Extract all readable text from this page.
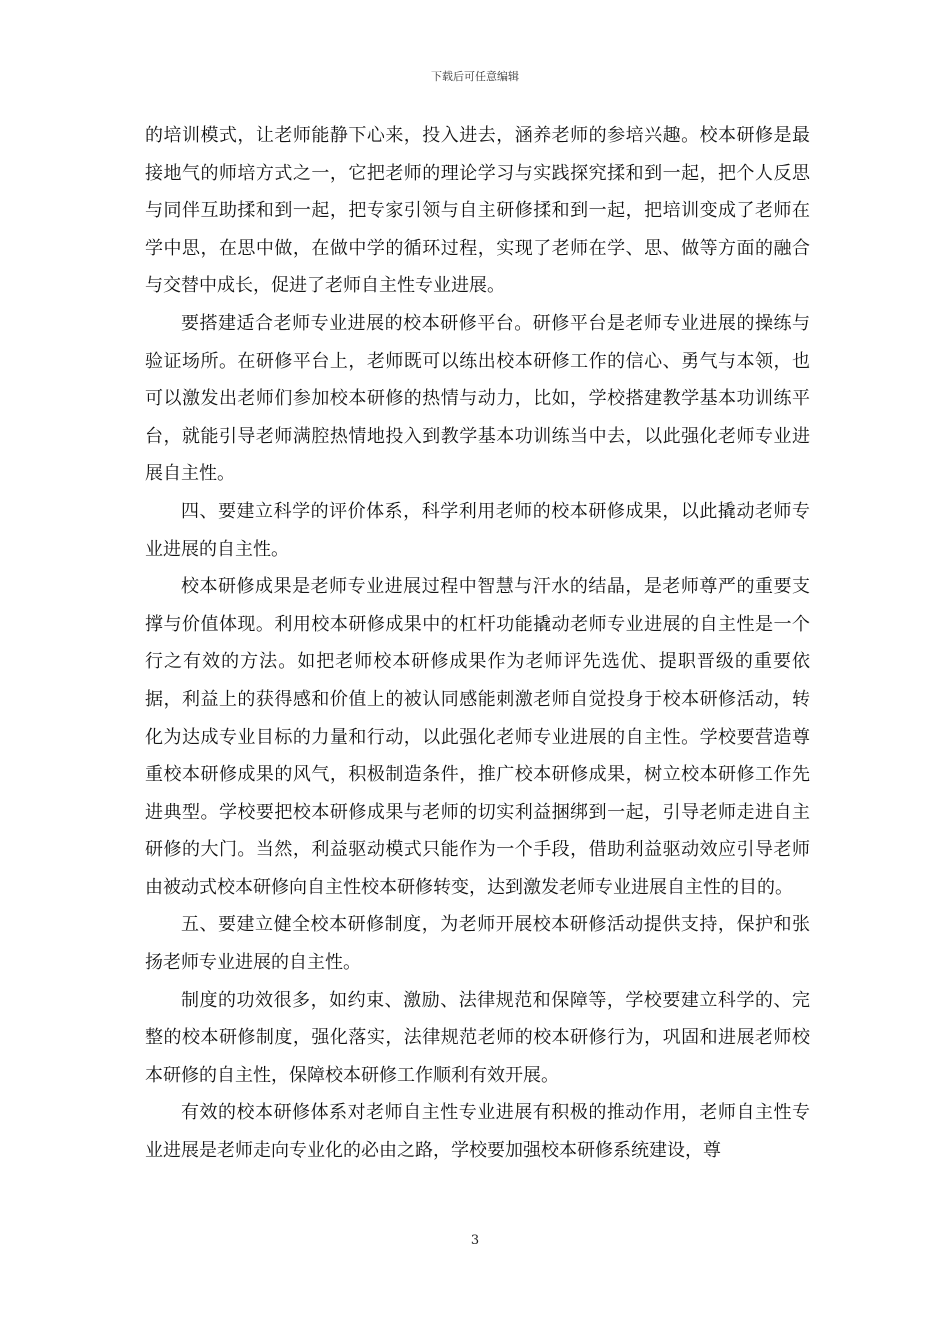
下载后可任意编辑

的培训模式，让老师能静下心来，投入进去，涵养老师的参培兴趣。校本研修是最接地气的师培方式之一，它把老师的理论学习与实践探究揉和到一起，把个人反思与同伴互助揉和到一起，把专家引领与自主研修揉和到一起，把培训变成了老师在学中思，在思中做，在做中学的循环过程，实现了老师在学、思、做等方面的融合与交替中成长，促进了老师自主性专业进展。

要搭建适合老师专业进展的校本研修平台。研修平台是老师专业进展的操练与验证场所。在研修平台上，老师既可以练出校本研修工作的信心、勇气与本领，也可以激发出老师们参加校本研修的热情与动力，比如，学校搭建教学基本功训练平台，就能引导老师满腔热情地投入到教学基本功训练当中去，以此强化老师专业进展自主性。

四、要建立科学的评价体系，科学利用老师的校本研修成果，以此撬动老师专业进展的自主性。

校本研修成果是老师专业进展过程中智慧与汗水的结晶，是老师尊严的重要支撑与价值体现。利用校本研修成果中的杠杆功能撬动老师专业进展的自主性是一个行之有效的方法。如把老师校本研修成果作为老师评先选优、提职晋级的重要依据，利益上的获得感和价值上的被认同感能刺激老师自觉投身于校本研修活动，转化为达成专业目标的力量和行动，以此强化老师专业进展的自主性。学校要营造尊重校本研修成果的风气，积极制造条件，推广校本研修成果，树立校本研修工作先进典型。学校要把校本研修成果与老师的切实利益捆绑到一起，引导老师走进自主研修的大门。当然，利益驱动模式只能作为一个手段，借助利益驱动效应引导老师由被动式校本研修向自主性校本研修转变，达到激发老师专业进展自主性的目的。

五、要建立健全校本研修制度，为老师开展校本研修活动提供支持，保护和张扬老师专业进展的自主性。

制度的功效很多，如约束、激励、法律规范和保障等，学校要建立科学的、完整的校本研修制度，强化落实，法律规范老师的校本研修行为，巩固和进展老师校本研修的自主性，保障校本研修工作顺利有效开展。

有效的校本研修体系对老师自主性专业进展有积极的推动作用，老师自主性专业进展是老师走向专业化的必由之路，学校要加强校本研修系统建设，尊

3
